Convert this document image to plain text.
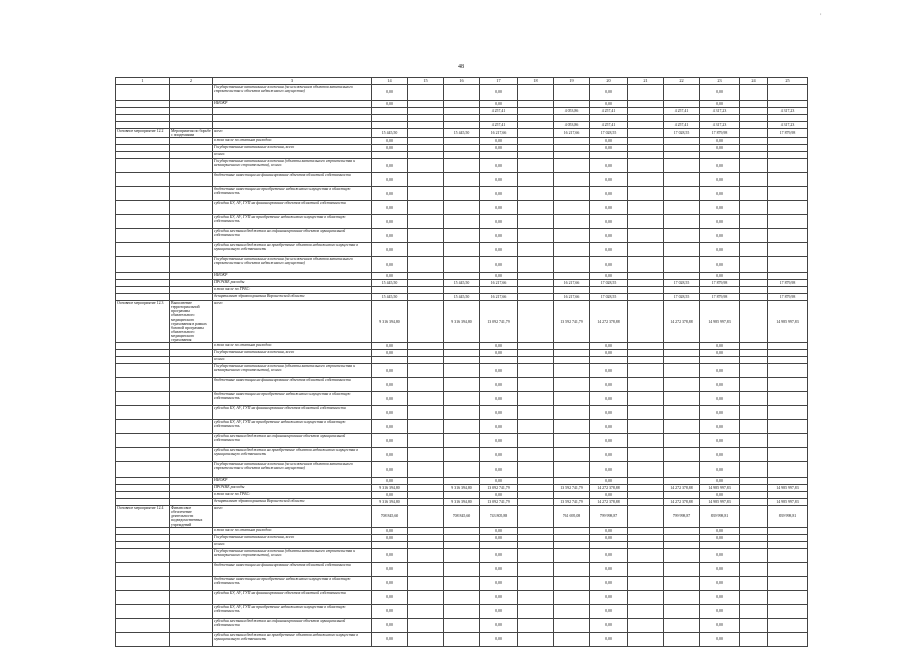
,
48
1	2	3	14	15	16	17	18	19	20	21	22	23	24	25
		Государственные капитальные вложения (за исключением объектов капитального строительства и объектов недвижимого имущества)	0,00			0,00			0,00			0,00		
		НИОКР	0,00			0,00			0,00			0,00		
						4 257,41		4 053,86	4 257,41		4 257,41	4 317,23		4 317,23

						4 257,41		4 053,86	4 257,41		4 257,41	4 317,23		4 317,23
Основное мероприятие 12.2	Мероприятия по борьбе с эпидемиями	всего	15 445,50		15 445,50	16 217,66		16 217,66	17 028,55		17 028,55	17 879,98		17 879,98
		в том числе по статьям расходов:	0,00			0,00			0,00			0,00		
		Государственные капитальные вложения, всего	0,00			0,00			0,00			0,00		
		из них:												
		Государственные капитальные вложения (объекты капитального строительства и незавершенного строительства), из них:	0,00			0,00			0,00			0,00		
		бюджетные инвестиции на финансирование объектов областной собственности	0,00			0,00			0,00			0,00		
		бюджетные инвестиции на приобретение недвижимого имущества в областную собственность	0,00			0,00			0,00			0,00		
		субсидии БУ, АУ, ГУП на финансирование объектов областной собственности	0,00			0,00			0,00			0,00		
		субсидии БУ, АУ, ГУП на приобретение недвижимого имущества в областную собственность	0,00			0,00			0,00			0,00		
		субсидии местным бюджетам на софинансирование объектов муниципальной собственности	0,00			0,00			0,00			0,00		
		субсидии местным бюджетам на приобретение объектов недвижимого имущества в муниципальную собственность	0,00			0,00			0,00			0,00		
		Государственные капитальные вложения (за исключением объектов капитального строительства и объектов недвижимого имущества)	0,00			0,00			0,00			0,00		
		НИОКР	0,00			0,00			0,00			0,00		
		ПРОЧИЕ расходы	15 445,50		15 445,50	16 217,66		16 217,66	17 028,55		17 028,55	17 879,98		17 879,98
		в том числе по ГРБС:												
		департамент здравоохранения Воронежской области	15 445,50		15 445,50	16 217,66		16 217,66	17 028,55		17 028,55	17 879,98		17 879,98
Основное мероприятие 12.3	Выполнение территориальной программы обязательного медицинского страхования в рамках базовой программы обязательного медицинского страхования	всего	9 316 394,80		9 316 394,80	13 092 741,79		13 592 741,79	14 272 378,88		14 272 378,88	14 985 997,83		14 985 997,83
		в том числе по статьям расходов:	0,00			0,00			0,00			0,00		
		Государственные капитальные вложения, всего	0,00			0,00			0,00			0,00		
		из них:												
		Государственные капитальные вложения (объекты капитального строительства и незавершенного строительства), из них:	0,00			0,00			0,00			0,00		
		бюджетные инвестиции на финансирование объектов областной собственности	0,00			0,00			0,00			0,00		
		бюджетные инвестиции на приобретение недвижимого имущества в областную собственность	0,00			0,00			0,00			0,00		
		субсидии БУ, АУ, ГУП на финансирование объектов областной собственности	0,00			0,00			0,00			0,00		
		субсидии БУ, АУ, ГУП на приобретение недвижимого имущества в областную собственность	0,00			0,00			0,00			0,00		
		субсидии местным бюджетам на софинансирование объектов муниципальной собственности	0,00			0,00			0,00			0,00		
		субсидии местным бюджетам на приобретение объектов недвижимого имущества в муниципальную собственность	0,00			0,00			0,00			0,00		
		Государственные капитальные вложения (за исключением объектов капитального строительства и объектов недвижимого имущества)	0,00			0,00			0,00			0,00		
		НИОКР	0,00			0,00			0,00			0,00		
		ПРОЧИЕ расходы	9 316 394,80		9 316 394,80	13 092 741,79		13 592 741,79	14 272 378,88		14 272 378,88	14 985 997,83		14 985 997,83
		в том числе по ГРБС:	0,00			0,00			0,00			0,00		
		департамент здравоохранения Воронежской области	9 316 394,80		9 316 394,80	13 092 741,79		13 592 741,79	14 272 378,88		14 272 378,88	14 985 997,83		14 985 997,83
Основное мероприятие 12.4	Финансовое обеспечение деятельности подведомственных учреждений	всего	708 845,60		708 845,60	743 805,88		761 695,08	799 998,87		799 998,87	839 998,81		839 998,81
		в том числе по статьям расходов:	0,00			0,00			0,00			0,00		
		Государственные капитальные вложения, всего	0,00			0,00			0,00			0,00		
		из них:												
		Государственные капитальные вложения (объекты капитального строительства и незавершенного строительства), из них:	0,00			0,00			0,00			0,00		
		бюджетные инвестиции на финансирование объектов областной собственности	0,00			0,00			0,00			0,00		
		бюджетные инвестиции на приобретение недвижимого имущества в областную собственность	0,00			0,00			0,00			0,00		
		субсидии БУ, АУ, ГУП на финансирование объектов областной собственности	0,00			0,00			0,00			0,00		
		субсидии БУ, АУ, ГУП на приобретение недвижимого имущества в областную собственность	0,00			0,00			0,00			0,00		
		субсидии местным бюджетам на софинансирование объектов муниципальной собственности	0,00			0,00			0,00			0,00		
		субсидии местным бюджетам на приобретение объектов недвижимого имущества в муниципальную собственность	0,00			0,00			0,00			0,00		
